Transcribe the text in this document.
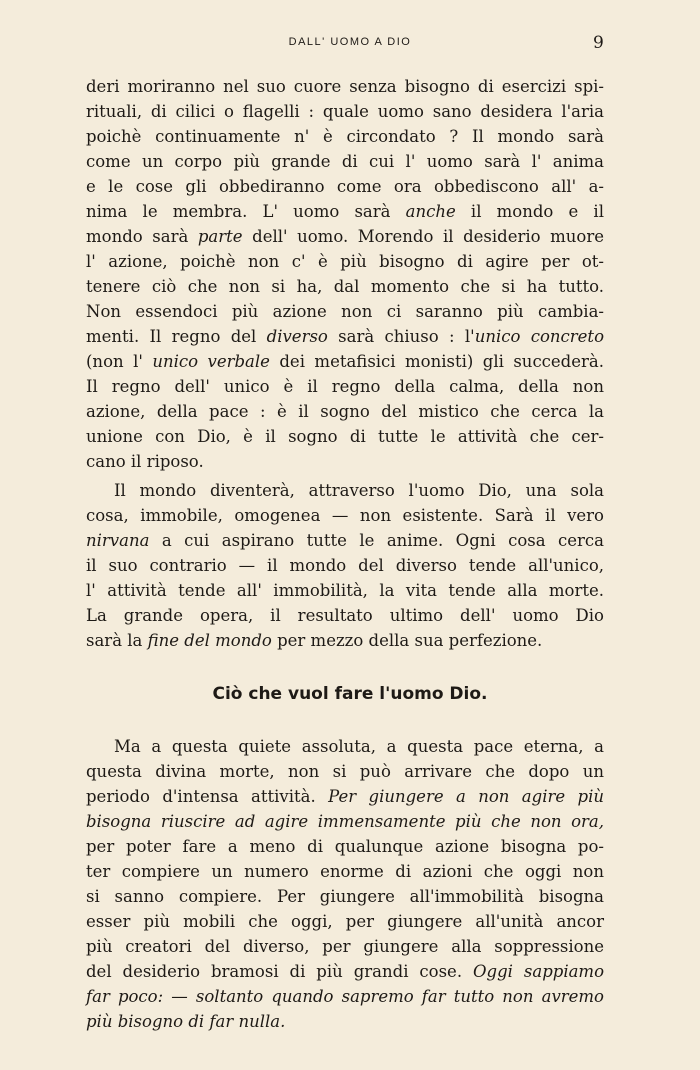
DALL' UOMO A DIO	9
deri moriranno nel suo cuore senza bisogno di esercizi spi-
rituali, di cilici o flagelli : quale uomo sano desidera l'aria
poichè continuamente n' è circondato ? Il mondo sarà
come un corpo più grande di cui l' uomo sarà l' anima
e le cose gli obbediranno come ora obbediscono all' a-
nima le membra. L' uomo sarà anche il mondo e il
mondo sarà parte dell' uomo. Morendo il desiderio muore
l' azione, poichè non c' è più bisogno di agire per ot-
tenere ciò che non si ha, dal momento che si ha tutto.
Non essendoci più azione non ci saranno più cambia-
menti. Il regno del diverso sarà chiuso : l'unico concreto
(non l' unico verbale dei metafisici monisti) gli succederà.
Il regno dell' unico è il regno della calma, della non
azione, della pace : è il sogno del mistico che cerca la
unione con Dio, è il sogno di tutte le attività che cer-
cano il riposo.
Il mondo diventerà, attraverso l'uomo Dio, una sola
cosa, immobile, omogenea — non esistente. Sarà il vero
nirvana a cui aspirano tutte le anime. Ogni cosa cerca
il suo contrario — il mondo del diverso tende all'unico,
l' attività tende all' immobilità, la vita tende alla morte.
La grande opera, il resultato ultimo dell' uomo Dio
sarà la fine del mondo per mezzo della sua perfezione.
Ciò che vuol fare l'uomo Dio.
Ma a questa quiete assoluta, a questa pace eterna, a
questa divina morte, non si può arrivare che dopo un
periodo d'intensa attività. Per giungere a non agire più
bisogna riuscire ad agire immensamente più che non ora,
per poter fare a meno di qualunque azione bisogna po-
ter compiere un numero enorme di azioni che oggi non
si sanno compiere. Per giungere all'immobilità bisogna
esser più mobili che oggi, per giungere all'unità ancor
più creatori del diverso, per giungere alla soppressione
del desiderio bramosi di più grandi cose. Oggi sappiamo
far poco: — soltanto quando sapremo far tutto non avremo
più bisogno di far nulla.
